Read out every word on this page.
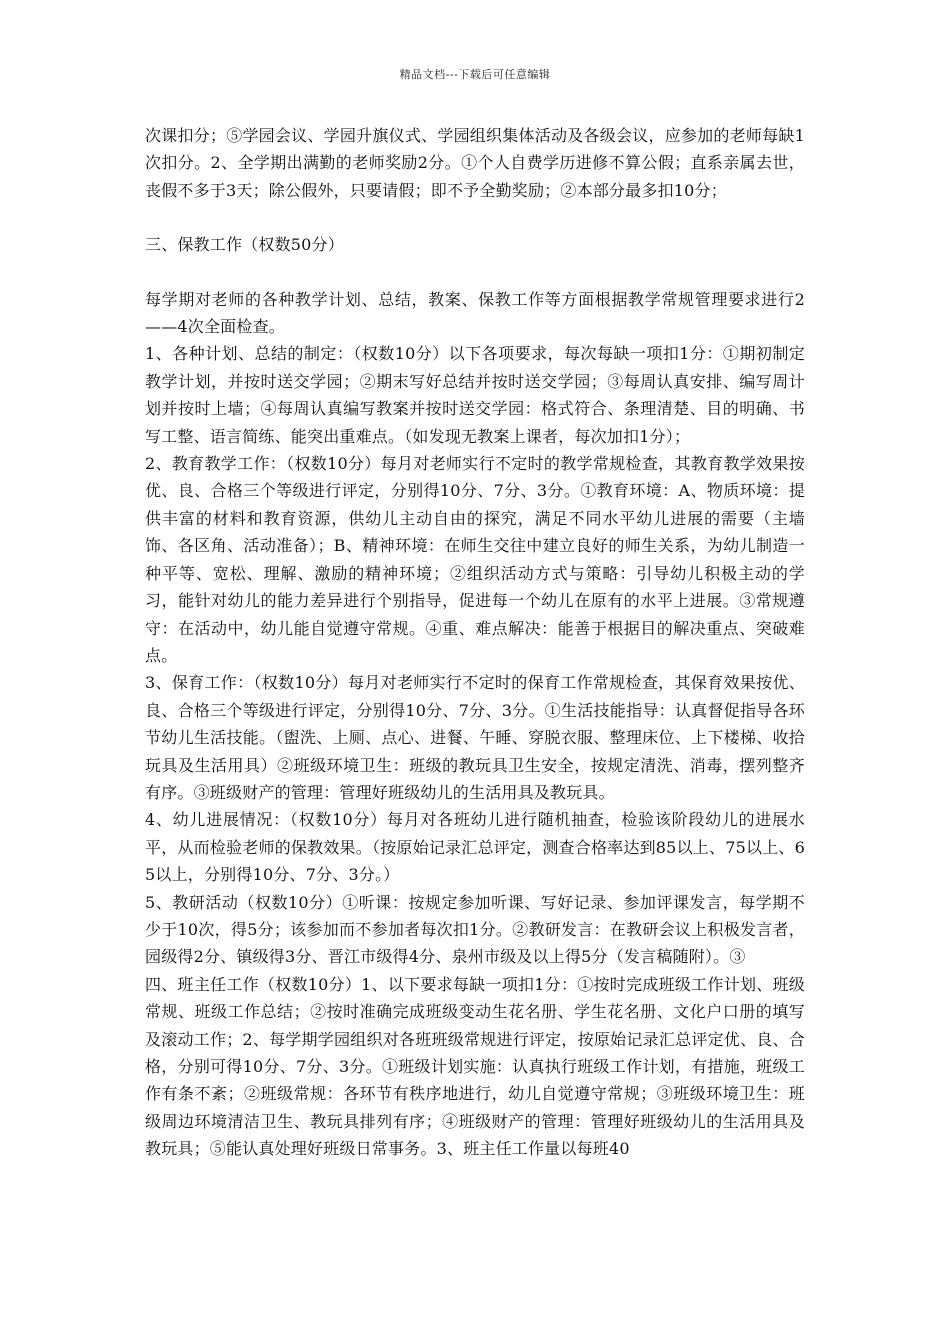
精品文档---下载后可任意编辑

次课扣分；⑤学园会议、学园升旗仪式、学园组织集体活动及各级会议，应参加的老师每缺1次扣分。2、全学期出满勤的老师奖励2分。①个人自费学历进修不算公假；直系亲属去世，丧假不多于3天；除公假外，只要请假；即不予全勤奖励；②本部分最多扣10分；

三、保教工作（权数50分）

每学期对老师的各种教学计划、总结，教案、保教工作等方面根据教学常规管理要求进行2——4次全面检查。

1、各种计划、总结的制定：（权数10分）以下各项要求，每次每缺一项扣1分：①期初制定教学计划，并按时送交学园；②期末写好总结并按时送交学园；③每周认真安排、编写周计划并按时上墙；④每周认真编写教案并按时送交学园：格式符合、条理清楚、目的明确、书写工整、语言简练、能突出重难点。（如发现无教案上课者，每次加扣1分）；

2、教育教学工作：（权数10分）每月对老师实行不定时的教学常规检查，其教育教学效果按优、良、合格三个等级进行评定，分别得10分、7分、3分。①教育环境：A、物质环境：提供丰富的材料和教育资源，供幼儿主动自由的探究，满足不同水平幼儿进展的需要（主墙饰、各区角、活动准备）；B、精神环境：在师生交往中建立良好的师生关系，为幼儿制造一种平等、宽松、理解、激励的精神环境；②组织活动方式与策略：引导幼儿积极主动的学习，能针对幼儿的能力差异进行个别指导，促进每一个幼儿在原有的水平上进展。③常规遵守：在活动中，幼儿能自觉遵守常规。④重、难点解决：能善于根据目的解决重点、突破难点。

3、保育工作：（权数10分）每月对老师实行不定时的保育工作常规检查，其保育效果按优、良、合格三个等级进行评定，分别得10分、7分、3分。①生活技能指导：认真督促指导各环节幼儿生活技能。（盥洗、上厕、点心、进餐、午睡、穿脱衣服、整理床位、上下楼梯、收拾玩具及生活用具）②班级环境卫生：班级的教玩具卫生安全，按规定清洗、消毒，摆列整齐有序。③班级财产的管理：管理好班级幼儿的生活用具及教玩具。

4、幼儿进展情况：（权数10分）每月对各班幼儿进行随机抽查，检验该阶段幼儿的进展水平，从而检验老师的保教效果。（按原始记录汇总评定，测查合格率达到85以上、75以上、65以上，分别得10分、7分、3分。）

5、教研活动（权数10分）①听课：按规定参加听课、写好记录、参加评课发言，每学期不少于10次，得5分；该参加而不参加者每次扣1分。②教研发言：在教研会议上积极发言者，园级得2分、镇级得3分、晋江市级得4分、泉州市级及以上得5分（发言稿随附）。③

四、班主任工作（权数10分）1、以下要求每缺一项扣1分：①按时完成班级工作计划、班级常规、班级工作总结；②按时准确完成班级变动生花名册、学生花名册、文化户口册的填写及滚动工作；2、每学期学园组织对各班班级常规进行评定，按原始记录汇总评定优、良、合格，分别可得10分、7分、3分。①班级计划实施：认真执行班级工作计划，有措施，班级工作有条不紊；②班级常规：各环节有秩序地进行，幼儿自觉遵守常规；③班级环境卫生：班级周边环境清洁卫生、教玩具排列有序；④班级财产的管理：管理好班级幼儿的生活用具及教玩具；⑤能认真处理好班级日常事务。3、班主任工作量以每班40
